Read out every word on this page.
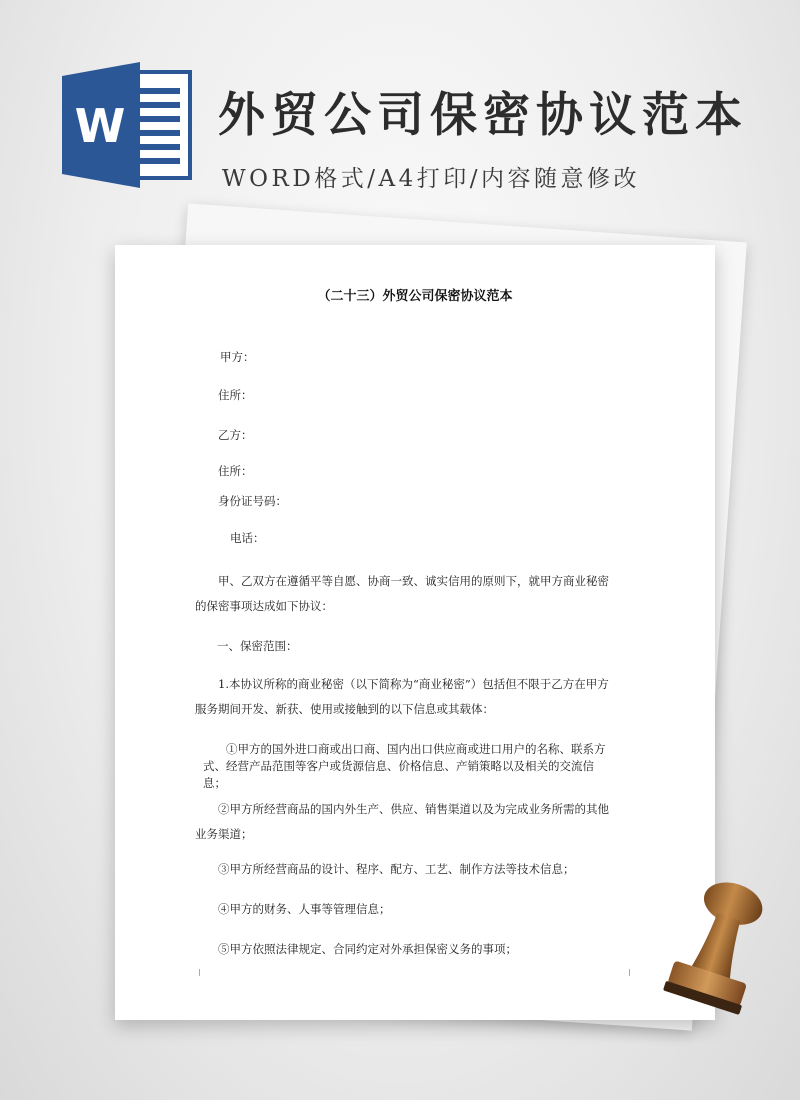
W 外贸公司保密协议范本

WORD格式/A4打印/内容随意修改

（二十三）外贸公司保密协议范本

甲方：

住所：

乙方：

住所：

身份证号码：

电话：

甲、乙双方在遵循平等自愿、协商一致、诚实信用的原则下，就甲方商业秘密的保密事项达成如下协议：

一、保密范围：

1.本协议所称的商业秘密（以下简称为“商业秘密”）包括但不限于乙方在甲方服务期间开发、新获、使用或接触到的以下信息或其载体：

①甲方的国外进口商或出口商、国内出口供应商或进口用户的名称、联系方式、经营产品范围等客户或货源信息、价格信息、产销策略以及相关的交流信息；

②甲方所经营商品的国内外生产、供应、销售渠道以及为完成业务所需的其他业务渠道；

③甲方所经营商品的设计、程序、配方、工艺、制作方法等技术信息；

④甲方的财务、人事等管理信息；

⑤甲方依照法律规定、合同约定对外承担保密义务的事项；
